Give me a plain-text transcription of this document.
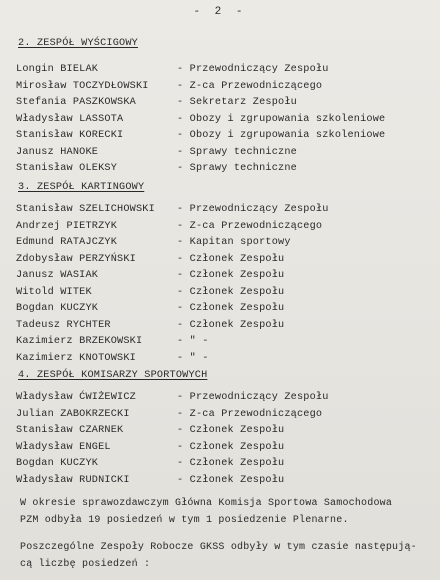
- 2 -
2. ZESPÓŁ WYŚCIGOWY
Longin BIELAK	- Przewodniczący Zespołu
Mirosław TOCZYDŁOWSKI	- Z-ca Przewodniczącego
Stefania PASZKOWSKA	- Sekretarz Zespołu
Władysław LASSOTA	- Obozy i zgrupowania szkoleniowe
Stanisław KORECKI	- Obozy i zgrupowania szkoleniowe
Janusz HANOKE	- Sprawy techniczne
Stanisław OLEKSY	- Sprawy techniczne
3. ZESPÓŁ KARTINGOWY
Stanisław SZELICHOWSKI - Przewodniczący Zespołu
Andrzej PIETRZYK	- Z-ca Przewodniczącego
Edmund RATAJCZYK	- Kapitan sportowy
Zdobysław PERZYŃSKI	- Członek Zespołu
Janusz WASIAK	- Członek Zespołu
Witold WITEK	- Członek Zespołu
Bogdan KUCZYK	- Członek Zespołu
Tadeusz RYCHTER	- Członek Zespołu
Kazimierz BRZEKOWSKI	- " -
Kazimierz KNOTOWSKI	- " -
4. ZESPÓŁ KOMISARZY SPORTOWYCH
Władysław ĆWIŻEWICZ	- Przewodniczący Zespołu
Julian ZABOKRZECKI	- Z-ca Przewodniczącego
Stanisław CZARNEK	- Członek Zespołu
Władysław ENGEL	- Członek Zespołu
Bogdan KUCZYK	- Członek Zespołu
Władysław RUDNICKI	- Członek Zespołu
W okresie sprawozdawczym Główna Komisja Sportowa Samochodowa
PZM odbyła 19 posiedzeń w tym 1 posiedzenie Plenarne.
Poszczególne Zespoły Robocze GKSS odbyły w tym czasie następują-
cą liczbę posiedzeń :
